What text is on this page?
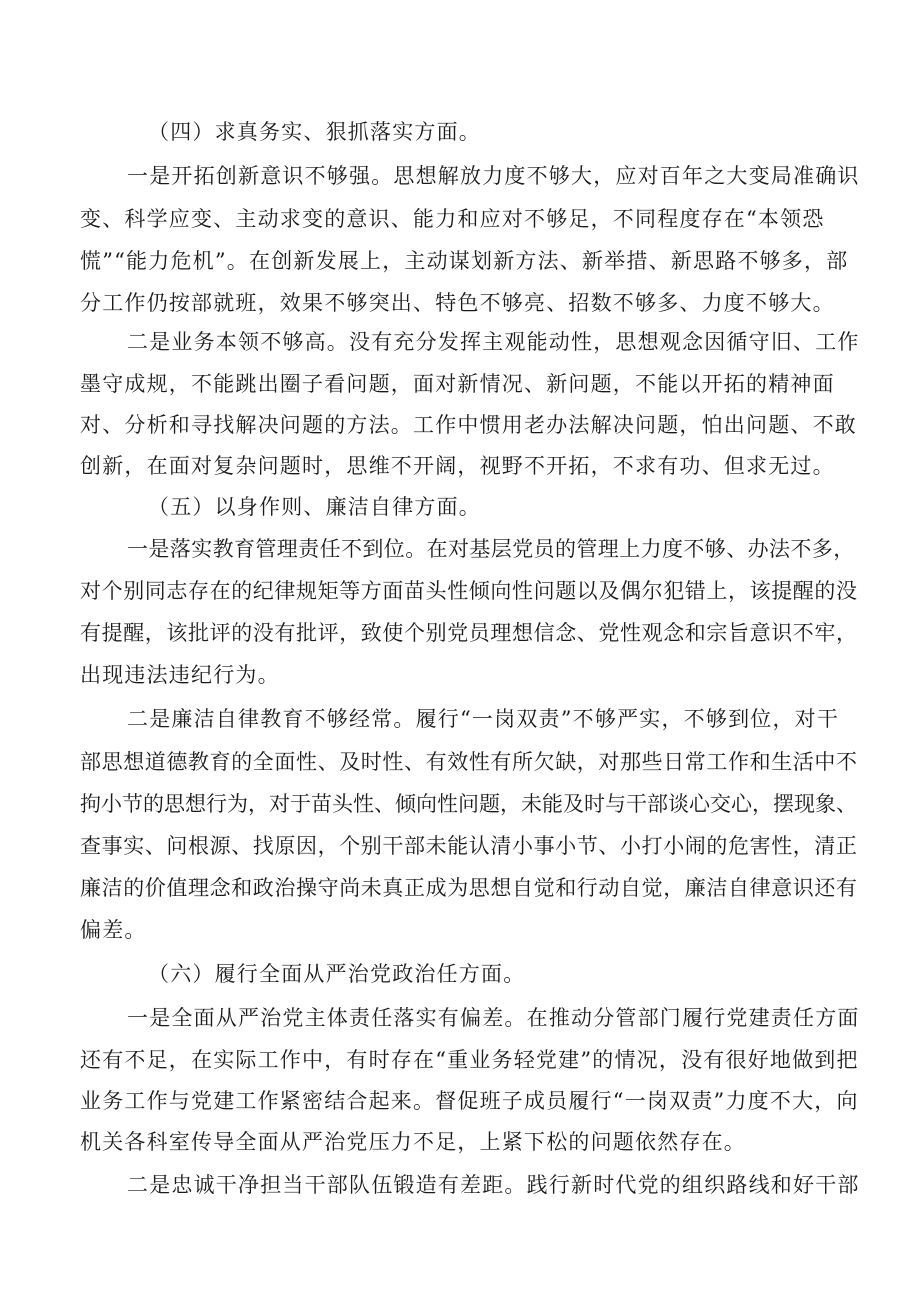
（四）求真务实、狠抓落实方面。
一是开拓创新意识不够强。思想解放力度不够大，应对百年之大变局准确识
变、科学应变、主动求变的意识、能力和应对不够足，不同程度存在“本领恐
慌”“能力危机”。在创新发展上，主动谋划新方法、新举措、新思路不够多，部
分工作仍按部就班，效果不够突出、特色不够亮、招数不够多、力度不够大。
二是业务本领不够高。没有充分发挥主观能动性，思想观念因循守旧、工作
墨守成规，不能跳出圈子看问题，面对新情况、新问题，不能以开拓的精神面
对、分析和寻找解决问题的方法。工作中惯用老办法解决问题，怕出问题、不敢
创新，在面对复杂问题时，思维不开阔，视野不开拓，不求有功、但求无过。
（五）以身作则、廉洁自律方面。
一是落实教育管理责任不到位。在对基层党员的管理上力度不够、办法不多，
对个别同志存在的纪律规矩等方面苗头性倾向性问题以及偶尔犯错上，该提醒的没
有提醒，该批评的没有批评，致使个别党员理想信念、党性观念和宗旨意识不牢，
出现违法违纪行为。
二是廉洁自律教育不够经常。履行“一岗双责”不够严实，不够到位，对干
部思想道德教育的全面性、及时性、有效性有所欠缺，对那些日常工作和生活中不
拘小节的思想行为，对于苗头性、倾向性问题，未能及时与干部谈心交心，摆现象、
查事实、问根源、找原因，个别干部未能认清小事小节、小打小闹的危害性，清正
廉洁的价值理念和政治操守尚未真正成为思想自觉和行动自觉，廉洁自律意识还有
偏差。
（六）履行全面从严治党政治任方面。
一是全面从严治党主体责任落实有偏差。在推动分管部门履行党建责任方面
还有不足，在实际工作中，有时存在“重业务轻党建”的情况，没有很好地做到把
业务工作与党建工作紧密结合起来。督促班子成员履行“一岗双责”力度不大，向
机关各科室传导全面从严治党压力不足，上紧下松的问题依然存在。
二是忠诚干净担当干部队伍锻造有差距。践行新时代党的组织路线和好干部
